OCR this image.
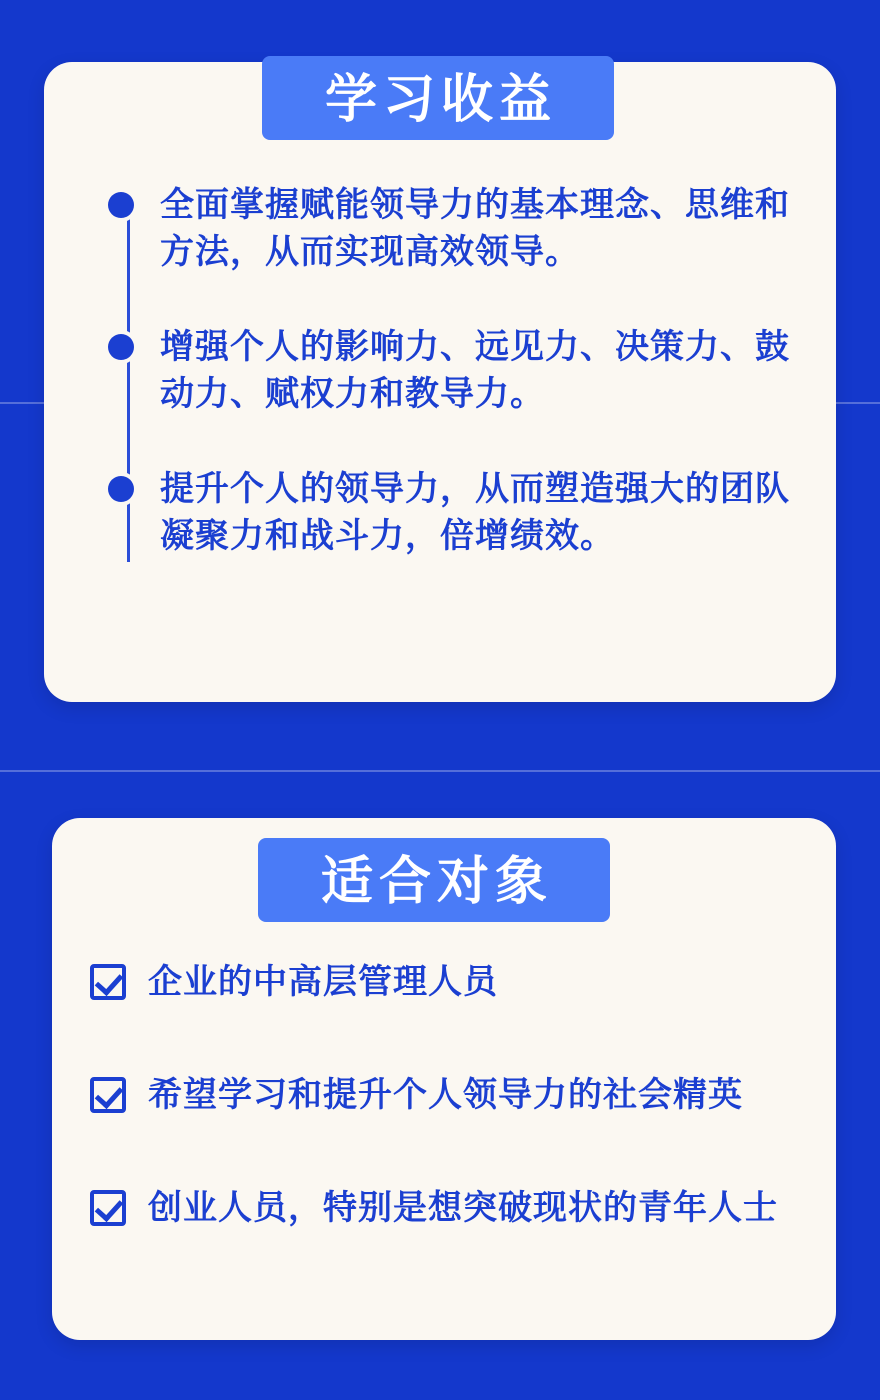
学习收益
全面掌握赋能领导力的基本理念、思维和方法，从而实现高效领导。
增强个人的影响力、远见力、决策力、鼓动力、赋权力和教导力。
提升个人的领导力，从而塑造强大的团队凝聚力和战斗力，倍增绩效。
适合对象
企业的中高层管理人员
希望学习和提升个人领导力的社会精英
创业人员，特别是想突破现状的青年人士
